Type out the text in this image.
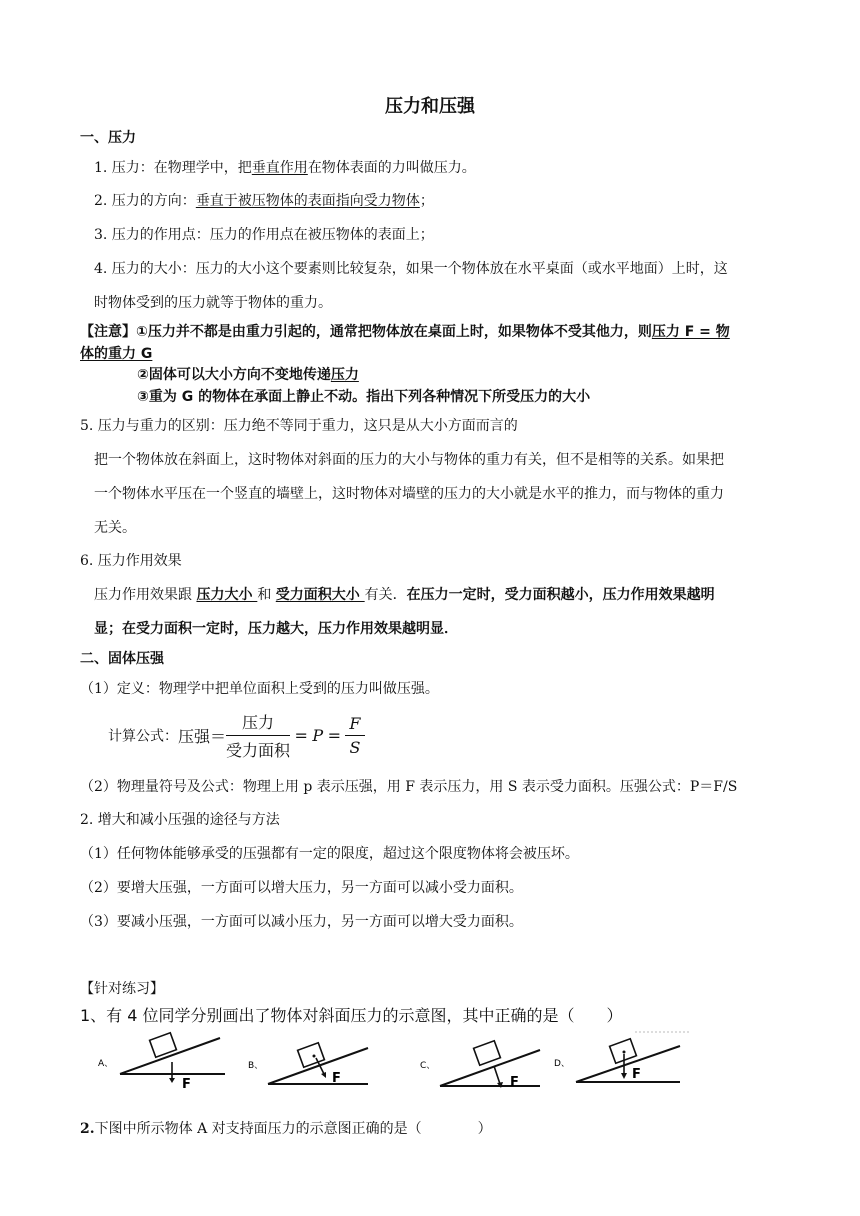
压力和压强
一、压力
1. 压力：在物理学中，把垂直作用在物体表面的力叫做压力。
2. 压力的方向：垂直于被压物体的表面指向受力物体；
3. 压力的作用点：压力的作用点在被压物体的表面上；
4. 压力的大小：压力的大小这个要素则比较复杂，如果一个物体放在水平桌面（或水平地面）上时，这
时物体受到的压力就等于物体的重力。
【注意】①压力并不都是由重力引起的，通常把物体放在桌面上时，如果物体不受其他力，则压力 F = 物
体的重力 G
②固体可以大小方向不变地传递压力
③重为 G 的物体在承面上静止不动。指出下列各种情况下所受压力的大小
5. 压力与重力的区别：压力绝不等同于重力，这只是从大小方面而言的
把一个物体放在斜面上，这时物体对斜面的压力的大小与物体的重力有关，但不是相等的关系。如果把
一个物体水平压在一个竖直的墙壁上，这时物体对墙壁的压力的大小就是水平的推力，而与物体的重力
无关。
6. 压力作用效果
压力作用效果跟 压力大小 和 受力面积大小 有关．在压力一定时，受力面积越小，压力作用效果越明
显；在受力面积一定时，压力越大，压力作用效果越明显．
二、固体压强
（1）定义：物理学中把单位面积上受到的压力叫做压强。
计算公式：压强＝ $\frac{\text{压力}}{\text{受力面积}} = P = \frac{F}{S}$
（2）物理量符号及公式：物理上用 p 表示压强，用 F 表示压力，用 S 表示受力面积。压强公式：P＝F/S
2. 增大和减小压强的途径与方法
（1）任何物体能够承受的压强都有一定的限度，超过这个限度物体将会被压坏。
（2）要增大压强，一方面可以增大压力，另一方面可以减小受力面积。
（3）要减小压强，一方面可以减小压力，另一方面可以增大受力面积。
【针对练习】
1、有 4 位同学分别画出了物体对斜面压力的示意图，其中正确的是（　　）
A、
F
B、
F
C、
F
D、
F
2.下图中所示物体 A 对支持面压力的示意图正确的是（　　　　）
